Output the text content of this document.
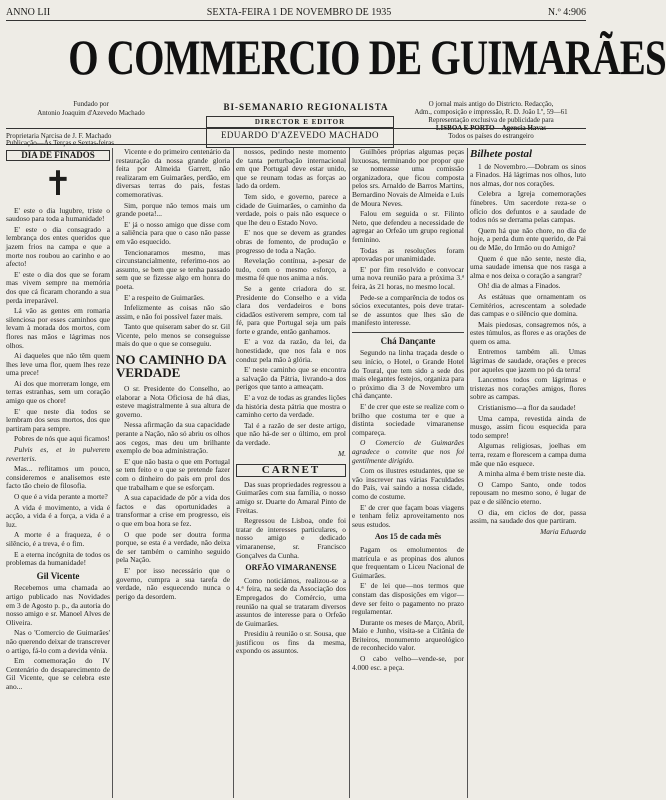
ANNO LII	SEXTA-FEIRA 1 DE NOVEMBRO DE 1935	N.º 4:906
O COMMERCIO DE GUIMARÃES
Fundado por
Antonio Joaquim d'Azevedo Machado
BI-SEMANARIO REGIONALISTA	O jornal mais antigo do Districto. Redacção,
Adm., composição e impressão, R. D. João I.º, 59—61
Representação exclusiva de publicidade para
LISBOA E PORTO—Agencia Havas
Todos os países do estrangeiro
Proprietaria Narcisa de J. F. Machado
Publicação—Ás Terças e Sextas-feiras
DIRECTOR E EDITOR
EDUARDO D'AZEVEDO MACHADO
DIA DE FINADOS
✝

E' este o dia lugubre, triste o saudoso para toda a humanidade!

E' este o dia consagrado a lembrança dos entes queridos que jazem frios na campa e que a morte nos roubou ao carinho e ao afecto!

E' este o dia dos que se foram mas vivem sempre na memória dos que cá ficaram chorando a sua perda irreparável.

Lá vão as gentes em romaria silenciosa por esses caminhos que levam à morada dos mortos, com flores nas mãos e lágrimas nos olhos.

Ai daqueles que não têm quem lhes leve uma flor, quem lhes reze uma prece!

Ai dos que morreram longe, em terras estranhas, sem um coração amigo que os chore!

E' que neste dia todos se lembram dos seus mortos, dos que partiram para sempre.

Pobres de nós que aqui ficamos!

Pulvis es, et in pulverem reverteris.

Mas... reflitamos um pouco, consideremos e analisemos este facto tão cheio de filosofia.

O que é a vida perante a morte?

A vida é movimento, a vida é acção, a vida é a força, a vida é a luz.

A morte é a fraqueza, é o silêncio, é a treva, é o fim.

E a eterna incógnita de todos os problemas da humanidade!

Gil Vicente

Recebemos uma chamada ao artigo publicado nas Novidades em 3 de Agosto p. p., da autoria do nosso amigo e sr. Manoel Alves de Oliveira.

Nas o 'Comercio de Guimarães' não querendo deixar de transcrever o artigo, fá-lo com a devida vénia.

Em comemoração do IV Centenário do desaparecimento de Gil Vicente, que se celebra este ano...

Vicente e do primeiro centenário da restauração da nossa grande gloria feita por Almeida Garrett, não realizaram em Guimarães, perdão, em diversas terras do pais, festas comemorativas.

Sim, porque não temos mais um grande poeta!...

E' já o nosso amigo que disse com a saliência para que o caso não passe em vão esquecido.

Tencionaramos mesmo, mas circunstancialmente, referimo-nos ao assunto, se bem que se tenha passado sem que se fizesse algo em honra do poeta.

E' a respeito de Guimarães.

Infelizmente as coisas não são assim, e não foi possível fazer mais.

Tanto que quiseram saber do sr. Gil Vicente, pelo menos se conseguisse mais do que o que se conseguiu.

NO CAMINHO DA VERDADE

O sr. Presidente do Conselho, ao elaborar a Nota Oficiosa de há dias, esteve magistralmente à sua altura de governo.

Nessa afirmação da sua capacidade perante a Nação, não só abriu os olhos aos cegos, mas deu um brilhante exemplo de boa administração.

E' que não basta o que em Portugal se tem feito e o que se pretende fazer com o dinheiro do país em prol dos que trabalham e que se esforçam.

A sua capacidade de pôr a vida dos factos e das oportunidades a transformar a crise em progresso, eis o que em boa hora se fez.

O que pode ser doutra forma porque, se esta é a verdade, não deixa de ser também o caminho seguido pela Nação.

E' por isso necessário que o governo, cumpra a sua tarefa de verdade, não esquecendo nunca o perigo da desordem.

nossos, pedindo neste momento de tanta perturbação internacional em que Portugal deve estar unido, que se reunam todas as forças ao lado da ordem.

Tem sido, e governo, parece a cidade de Guimarães, o caminho da verdade, pois o pais não esquece o que lhe deu o Estado Novo.

E' nos que se devem as grandes obras de fomento, de produção e progresso de toda a Nação.

Revelação contínua, a-pesar de tudo, com o mesmo esforço, a mesma fé que nos anima a nós.

Se a gente criadora do sr. Presidente do Conselho e a vida clara dos verdadeiros e bons cidadãos estiverem sempre, com tal fé, para que Portugal seja um país forte e grande, então ganhamos.

E' a voz da razão, da lei, da honestidade, que nos fala e nos conduz pela mão à glória.

E' neste caminho que se encontra a salvação da Pátria, livrando-a dos perigos que tanto a ameaçam.

E' a voz de todas as grandes lições da história desta pátria que mostra o caminho certo da verdade.

Tal é a razão de ser deste artigo, que não há-de ser o último, em prol da verdade.

M.
CARNET

Das suas propriedades regressou a Guimarães com sua família, o nosso amigo sr. Duarte do Amaral Pinto de Freitas.

Regressou de Lisboa, onde foi tratar de interesses particulares, o nosso amigo e dedicado vimaranense, sr. Francisco Gonçalves da Cunha.

ORFÃO VIMARANENSE

Como noticiámos, realizou-se a 4.ª feira, na sede da Associação dos Empregados do Comércio, uma reunião na qual se trataram diversos assuntos de interesse para o Orfeão de Guimarães.

Presidiu à reunião o sr. Sousa, que justificou os fins da mesma, expondo os assuntos.

Guilhões próprias algumas peças luxuosas, terminando por propor que se nomeasse uma comissão organizadora, que ficou composta pelos srs. Arnaldo de Barros Martins, Bernardino Novais de Almeida e Luís de Moura Neves.

Falou em seguida o sr. Filinto Neto, que defendeu a necessidade de agregar ao Orfeão um grupo regional feminino.

Todas as resoluções foram aprovadas por unanimidade.

E' por fim resolvido e convocar uma nova reunião para a próxima 3.ª feira, às 21 horas, no mesmo local.

Pede-se a comparência de todos os sócios executantes, pois deve tratar-se de assuntos que lhes são de manifesto interesse.

Chá Dançante

Segundo na linha traçada desde o seu início, o Hotel, o Grande Hotel do Toural, que tem sido a sede dos mais elegantes festejos, organiza para o próximo dia 3 de Novembro um chá dançante.

E' de crer que este se realize com o brilho que costuma ter e que a distinta sociedade vimaranense compareça.

O Comercio de Guimarães agradece o convite que nos foi gentilmente dirigido.

Com os ilustres estudantes, que se vão inscrever nas várias Faculdades do País, vai saindo a nossa cidade, como de costume.

E' de crer que façam boas viagens e tenham feliz aproveitamento nos seus estudos.

Aos 15 de cada mês

Pagam os emolumentos de matrícula e as propinas dos alunos que frequentam o Liceu Nacional de Guimarães.

E' de lei que—nos termos que constam das disposições em vigor—deve ser feito o pagamento no prazo regulamentar.

Durante os meses de Março, Abril, Maio e Junho, visita-se a Citânia de Briteiros, monumento arqueológico de reconhecido valor.

O cabo velho—vende-se, por 4.000 esc. a peça.

Bilhete postal

1 de Novembro.—Dobram os sinos a Finados. Há lágrimas nos olhos, luto nos almas, dor nos corações.

Celebra a Igreja comemorações fúnebres. Um sacerdote reza-se o ofício dos defuntos e a saudade de todos nós se derrama pelas campas.

Quem há que não chore, no dia de hoje, a perda dum ente querido, de Pai ou de Mãe, do Irmão ou do Amigo?

Quem é que não sente, neste dia, uma saudade imensa que nos rasga a alma e nos deixa o coração a sangrar?

Oh! dia de almas a Finados.

As estátuas que ornamentam os Cemitérios, acrescentam a soledade das campas e o silêncio que domina.

Mais piedosas, consagremos nós, a estes túmulos, as flores e as orações de quem os ama.

Entremos também ali. Umas lágrimas de saudade, orações e preces por aqueles que jazem no pó da terra!

Lancemos todos com lágrimas e tristezas nos corações amigos, flores sobre as campas.

Cristianismo—a flor da saudade!

Uma campa, revestida ainda de musgo, assim ficou esquecida para todo sempre!

Algumas religiosas, joelhas em terra, rezam e florescem a campa duma mãe que não esquece.

A minha alma é bem triste neste dia.

O Campo Santo, onde todos repousam no mesmo sono, é lugar de paz e de silêncio eterno.

O dia, em ciclos de dor, passa assim, na saudade dos que partiram.

Maria Eduarda
